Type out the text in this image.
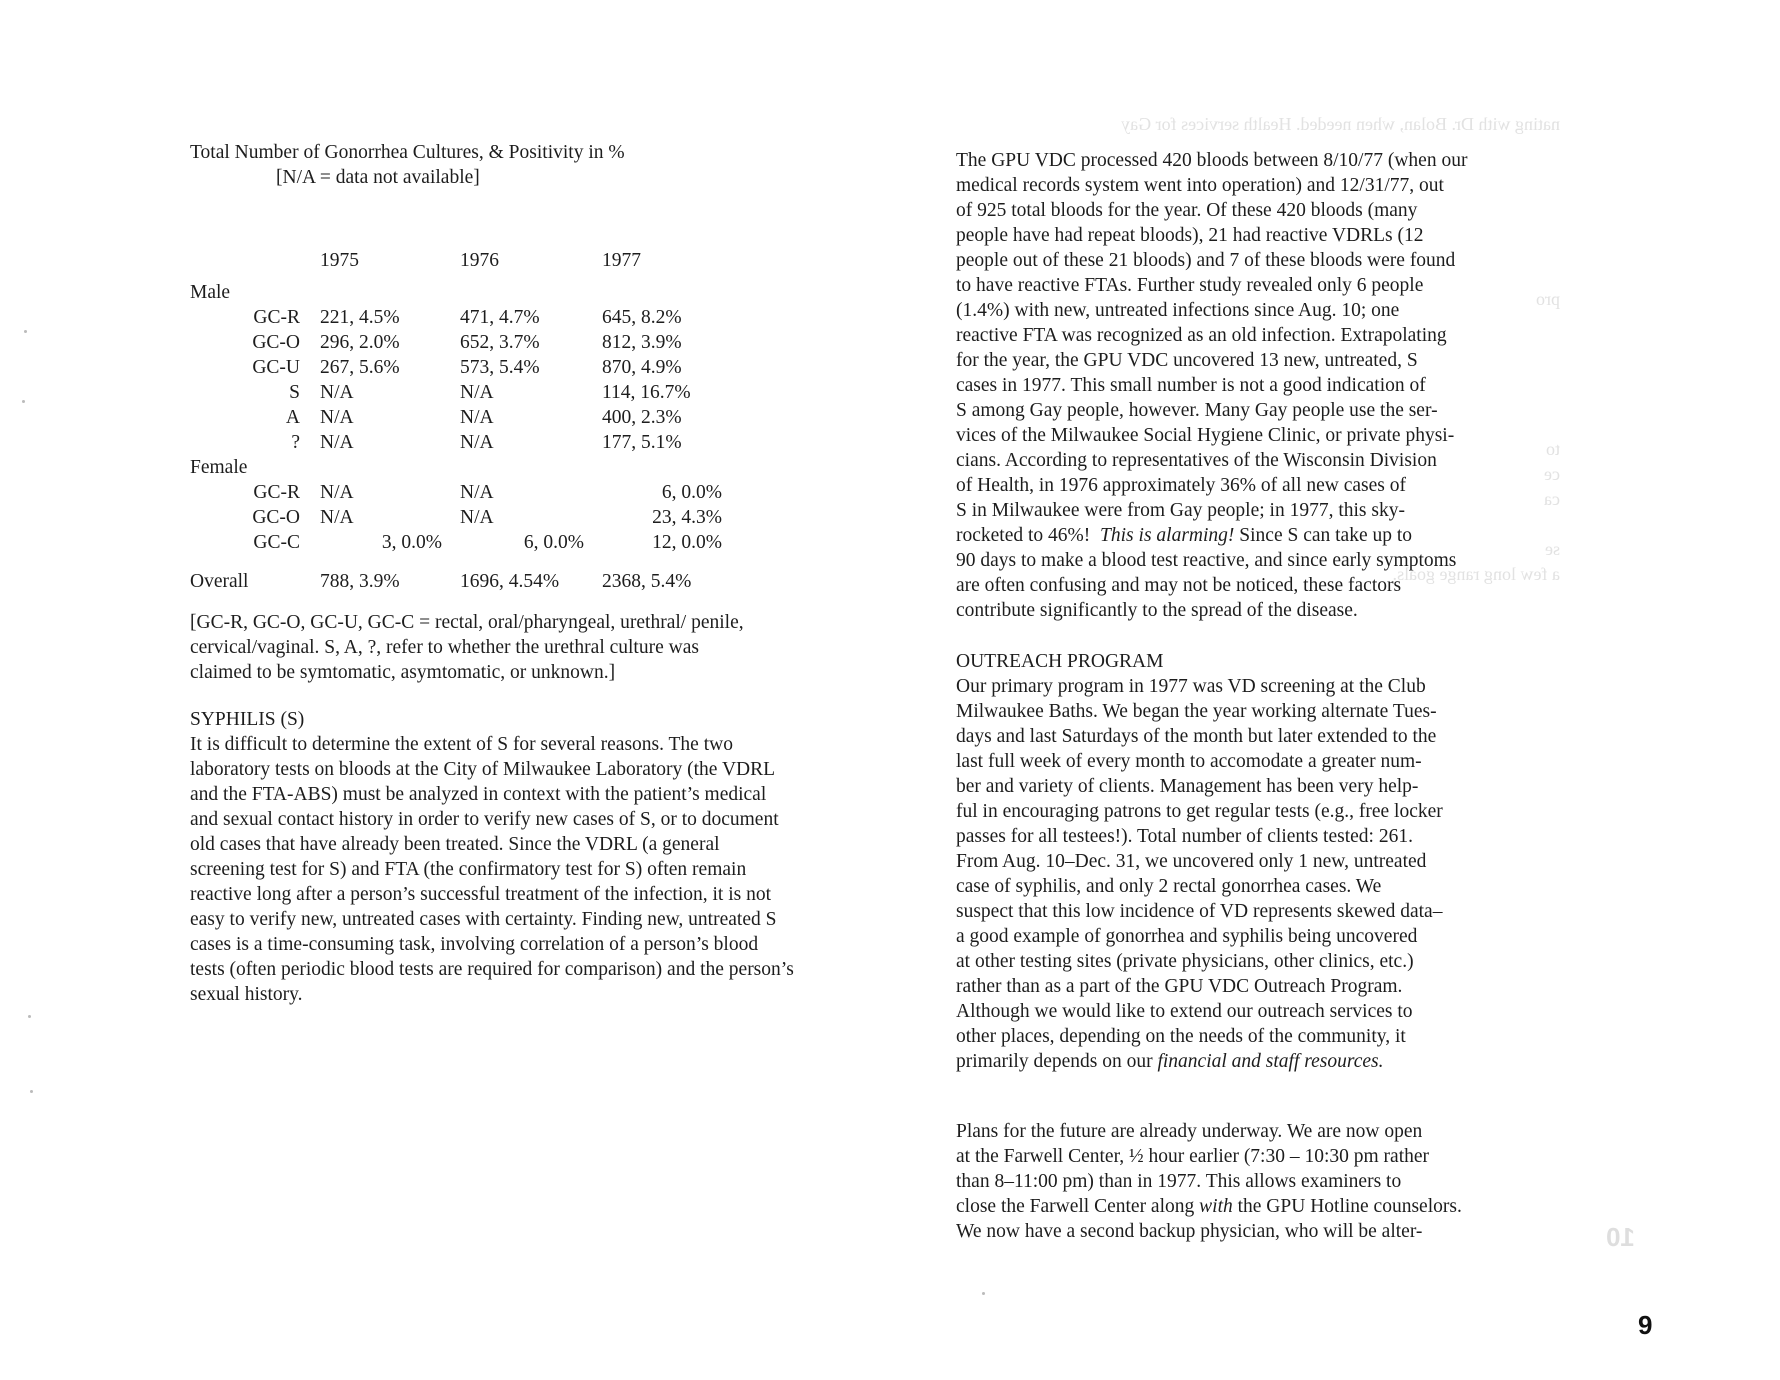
nating with Dr. Bolan, when needed. Health services for Gay

pro

to

ce

ca

se

a few long range goals.

10

Total Number of Gonorrhea Cultures, & Positivity in %

[N/A = data not available]

	1975	1976	1977
Male			
GC-R	221, 4.5%	471, 4.7%	645, 8.2%
GC-O	296, 2.0%	652, 3.7%	812, 3.9%
GC-U	267, 5.6%	573, 5.4%	870, 4.9%
S	N/A	N/A	114, 16.7%
A	N/A	N/A	400, 2.3%
?	N/A	N/A	177, 5.1%
Female			
GC-R	N/A	N/A	6, 0.0%
GC-O	N/A	N/A	23, 4.3%
GC-C	3, 0.0%	6, 0.0%	12, 0.0%

Overall	788, 3.9%	1696, 4.54%	2368, 5.4%

[GC-R, GC-O, GC-U, GC-C = rectal, oral/pharyngeal, urethral/ penile, cervical/vaginal. S, A, ?, refer to whether the urethral culture was claimed to be symtomatic, asymtomatic, or unknown.]

SYPHILIS (S)

It is difficult to determine the extent of S for several reasons. The two laboratory tests on bloods at the City of Milwaukee Laboratory (the VDRL and the FTA-ABS) must be analyzed in context with the patient’s medical and sexual contact history in order to verify new cases of S, or to document old cases that have already been treated. Since the VDRL (a general screening test for S) and FTA (the confirmatory test for S) often remain reactive long after a person’s successful treatment of the infection, it is not easy to verify new, untreated cases with certainty. Finding new, untreated S cases is a time-consuming task, involving correlation of a person’s blood tests (often periodic blood tests are required for comparison) and the person’s sexual history.

The GPU VDC processed 420 bloods between 8/10/77 (when our
medical records system went into operation) and 12/31/77, out
of 925 total bloods for the year. Of these 420 bloods (many
people have had repeat bloods), 21 had reactive VDRLs (12
people out of these 21 bloods) and 7 of these bloods were found
to have reactive FTAs. Further study revealed only 6 people
(1.4%) with new, untreated infections since Aug. 10; one
reactive FTA was recognized as an old infection. Extrapolating
for the year, the GPU VDC uncovered 13 new, untreated, S
cases in 1977. This small number is not a good indication of
S among Gay people, however. Many Gay people use the ser-
vices of the Milwaukee Social Hygiene Clinic, or private physi-
cians. According to representatives of the Wisconsin Division
of Health, in 1976 approximately 36% of all new cases of
S in Milwaukee were from Gay people; in 1977, this sky-
rocketed to 46%! This is alarming! Since S can take up to
90 days to make a blood test reactive, and since early symptoms
are often confusing and may not be noticed, these factors
contribute significantly to the spread of the disease.

OUTREACH PROGRAM

Our primary program in 1977 was VD screening at the Club
Milwaukee Baths. We began the year working alternate Tues-
days and last Saturdays of the month but later extended to the
last full week of every month to accomodate a greater num-
ber and variety of clients. Management has been very help-
ful in encouraging patrons to get regular tests (e.g., free locker
passes for all testees!). Total number of clients tested: 261.
From Aug. 10–Dec. 31, we uncovered only 1 new, untreated
case of syphilis, and only 2 rectal gonorrhea cases. We
suspect that this low incidence of VD represents skewed data–
a good example of gonorrhea and syphilis being uncovered
at other testing sites (private physicians, other clinics, etc.)
rather than as a part of the GPU VDC Outreach Program.
Although we would like to extend our outreach services to
other places, depending on the needs of the community, it
primarily depends on our financial and staff resources.

Plans for the future are already underway. We are now open
at the Farwell Center, ½ hour earlier (7:30 – 10:30 pm rather
than 8–11:00 pm) than in 1977. This allows examiners to
close the Farwell Center along with the GPU Hotline counselors.
We now have a second backup physician, who will be alter-

9
